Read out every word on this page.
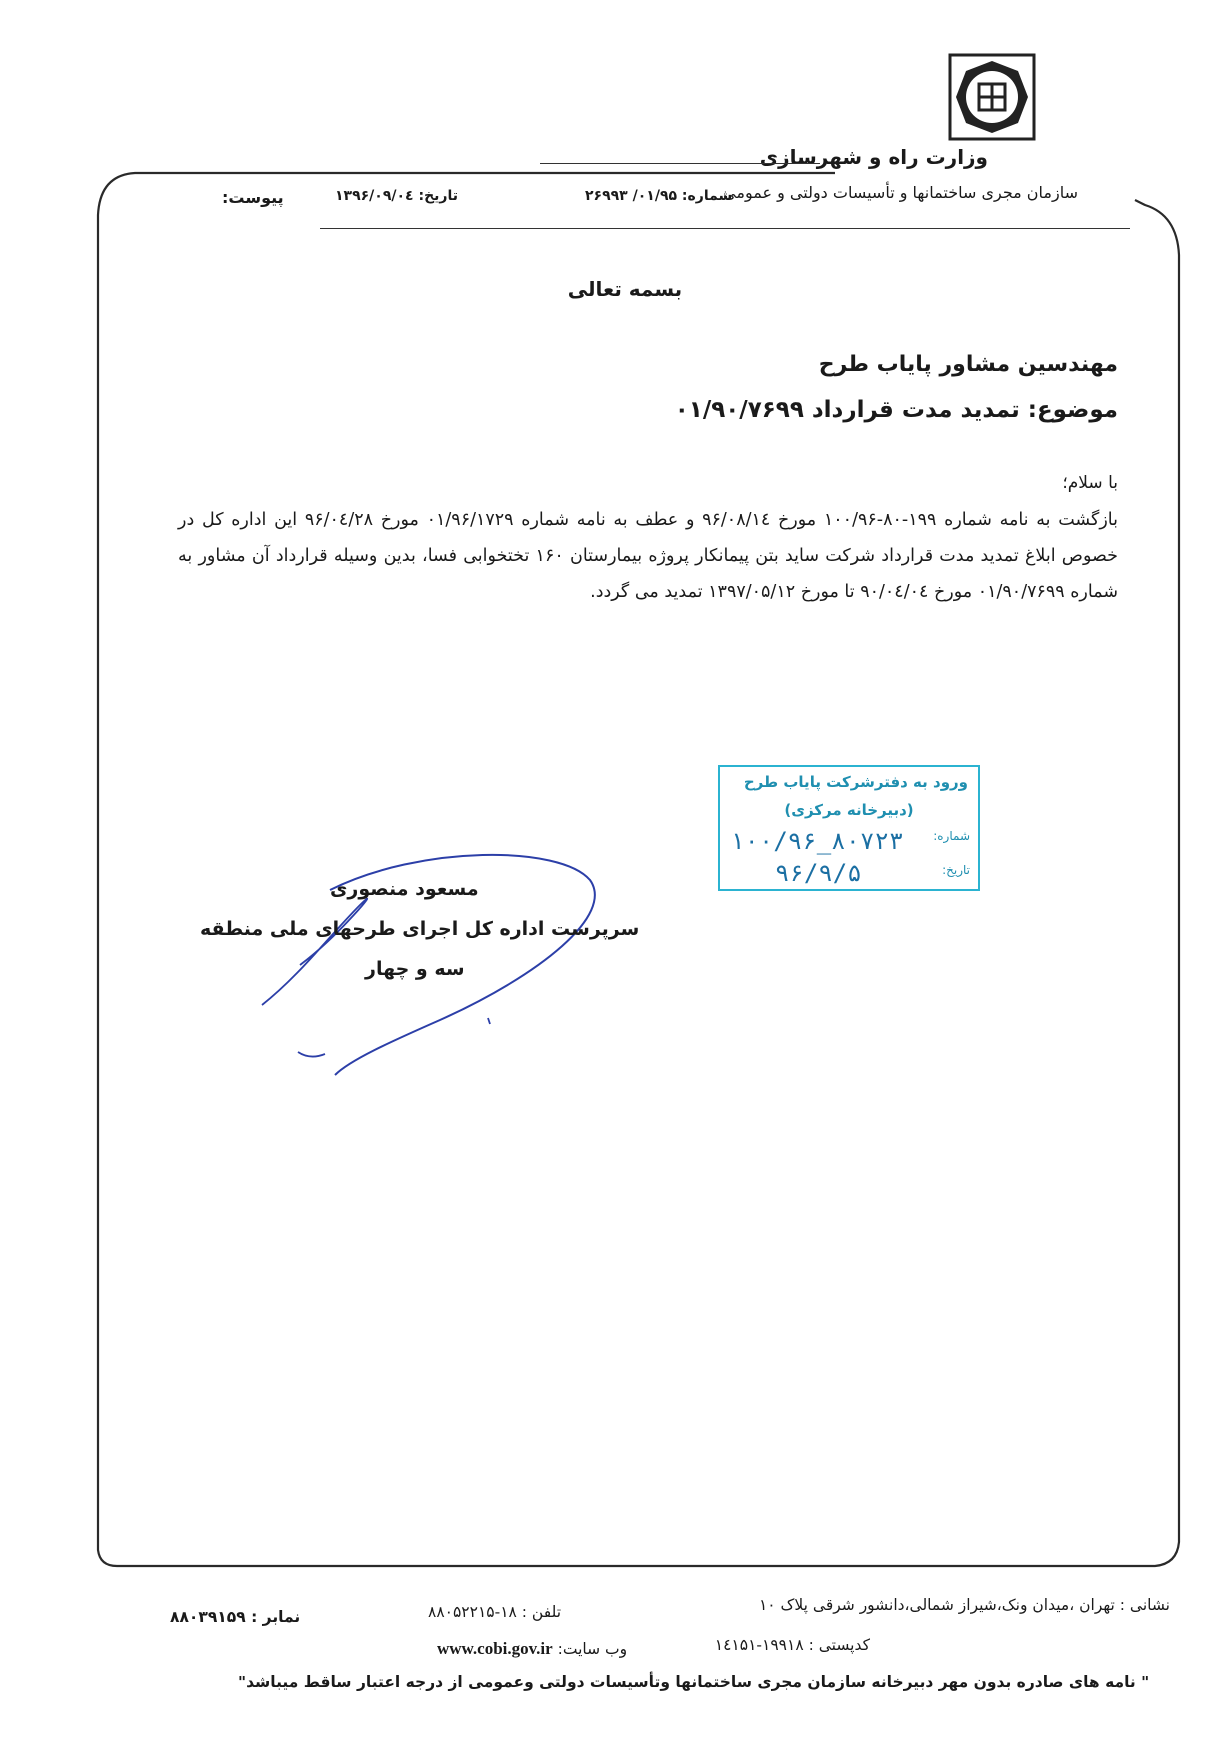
وزارت راه و شهرسازی
سازمان مجری ساختمانها و تأسیسات دولتی و عمومی
شماره: ۰۱/۹۵/ ۲۶۹۹۳
تاریخ: ۱۳۹۶/۰۹/۰٤
پیوست:
بسمه تعالی
مهندسین مشاور پایاب طرح
موضوع: تمدید مدت قرارداد ۰۱/۹۰/۷۶۹۹
با سلام؛
بازگشت به نامه شماره ۱۹۹-۸۰-۱۰۰/۹۶ مورخ ۹۶/۰۸/۱٤ و عطف به نامه شماره ۰۱/۹۶/۱۷۲۹ مورخ ۹۶/۰٤/۲۸ این اداره کل در خصوص ابلاغ تمدید مدت قرارداد شرکت ساید بتن پیمانکار پروژه بیمارستان ۱۶۰ تختخوابی فسا، بدین وسیله قرارداد آن مشاور به شماره ۰۱/۹۰/۷۶۹۹ مورخ ۹۰/۰٤/۰٤ تا مورخ ۱۳۹۷/۰۵/۱۲ تمدید می گردد.
ورود به دفترشرکت پایاب طرح
(دبیرخانه مرکزی)
شماره:
۱۰۰/۹۶_۸۰۷۲۳
تاریخ:
۹۶/۹/۵
مسعود منصوری
سرپرست اداره کل اجرای طرحهای ملی منطقه
سه و چهار
نشانی : تهران ،میدان ونک،شیراز شمالی،دانشور شرقی پلاک ۱۰
کدپستی : ۱۹۹۱۸-۱٤۱۵۱
تلفن : ۱۸-۸۸۰۵۲۲۱۵
www.cobi.gov.ir وب سایت:
نمابر : ۸۸۰۳۹۱۵۹
" نامه های صادره بدون مهر دبیرخانه سازمان مجری ساختمانها وتأسیسات دولتی وعمومی از درجه اعتبار ساقط میباشد"
